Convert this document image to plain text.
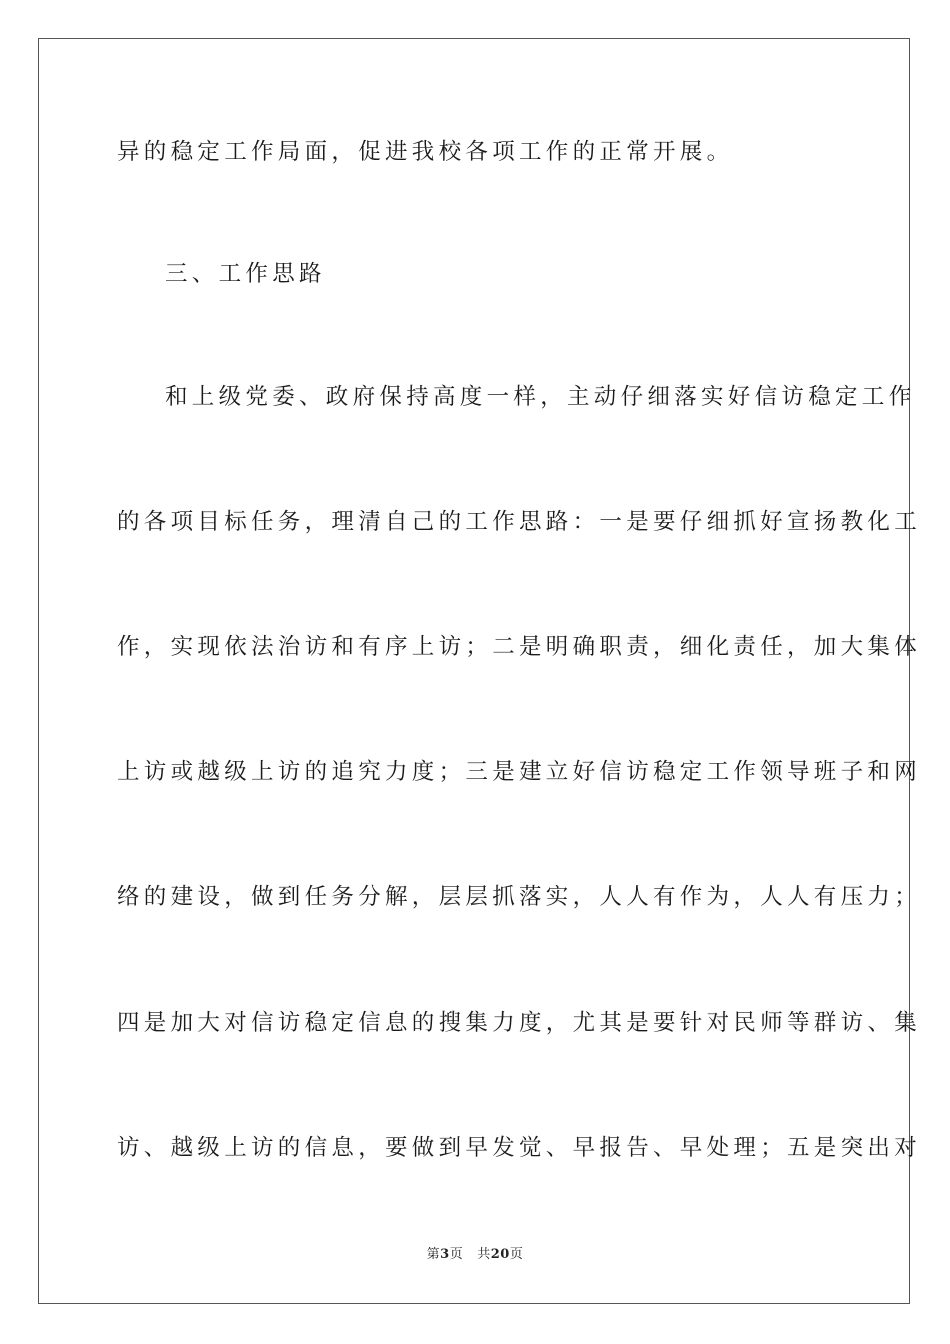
异的稳定工作局面，促进我校各项工作的正常开展。
三、工作思路
和上级党委、政府保持高度一样，主动仔细落实好信访稳定工作
的各项目标任务，理清自己的工作思路：一是要仔细抓好宣扬教化工
作，实现依法治访和有序上访；二是明确职责，细化责任，加大集体
上访或越级上访的追究力度；三是建立好信访稳定工作领导班子和网
络的建设，做到任务分解，层层抓落实，人人有作为，人人有压力；
四是加大对信访稳定信息的搜集力度，尤其是要针对民师等群访、集
访、越级上访的信息，要做到早发觉、早报告、早处理；五是突出对
第3页 共20页
